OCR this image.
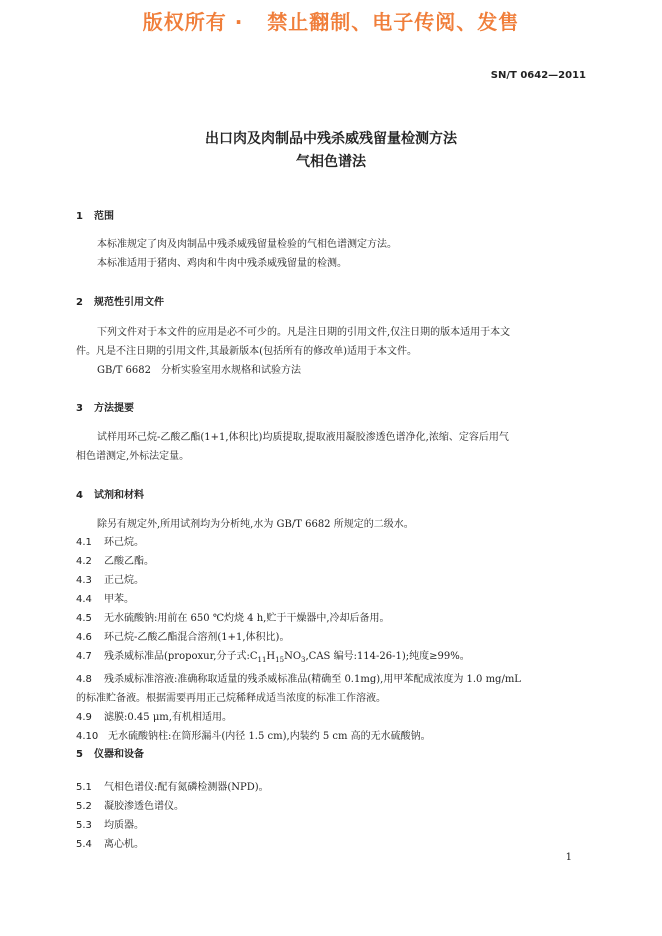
版权所有 ·   禁止翻制、电子传阅、发售
SN/T 0642—2011
出口肉及肉制品中残杀威残留量检测方法
气相色谱法
1 范围
本标准规定了肉及肉制品中残杀威残留量检验的气相色谱测定方法。
本标准适用于猪肉、鸡肉和牛肉中残杀威残留量的检测。
2 规范性引用文件
下列文件对于本文件的应用是必不可少的。凡是注日期的引用文件,仅注日期的版本适用于本文
件。凡是不注日期的引用文件,其最新版本(包括所有的修改单)适用于本文件。
GB/T 6682　分析实验室用水规格和试验方法
3 方法提要
试样用环己烷-乙酸乙酯(1+1,体积比)均质提取,提取液用凝胶渗透色谱净化,浓缩、定容后用气
相色谱测定,外标法定量。
4 试剂和材料
除另有规定外,所用试剂均为分析纯,水为 GB/T 6682 所规定的二级水。
4.1 环己烷。
4.2 乙酸乙酯。
4.3 正己烷。
4.4 甲苯。
4.5 无水硫酸钠:用前在 650 ℃灼烧 4 h,贮于干燥器中,冷却后备用。
4.6 环己烷-乙酸乙酯混合溶剂(1+1,体积比)。
4.7 残杀威标准品(propoxur,分子式$:C_{11}H_{15}NO_3,CAS$ 编号:114-26-1);纯度≥99%。
4.8 残杀威标准溶液:准确称取适量的残杀威标准品(精确至 0.1mg),用甲苯配成浓度为 1.0 mg/mL
的标准贮备液。根据需要再用正己烷稀释成适当浓度的标准工作溶液。
4.9 滤膜:0.45 μm,有机相适用。
4.10 无水硫酸钠柱:在筒形漏斗(内径 1.5 cm),内装约 5 cm 高的无水硫酸钠。
5 仪器和设备
5.1 气相色谱仪:配有氮磷检测器(NPD)。
5.2 凝胶渗透色谱仪。
5.3 均质器。
5.4 离心机。
1
